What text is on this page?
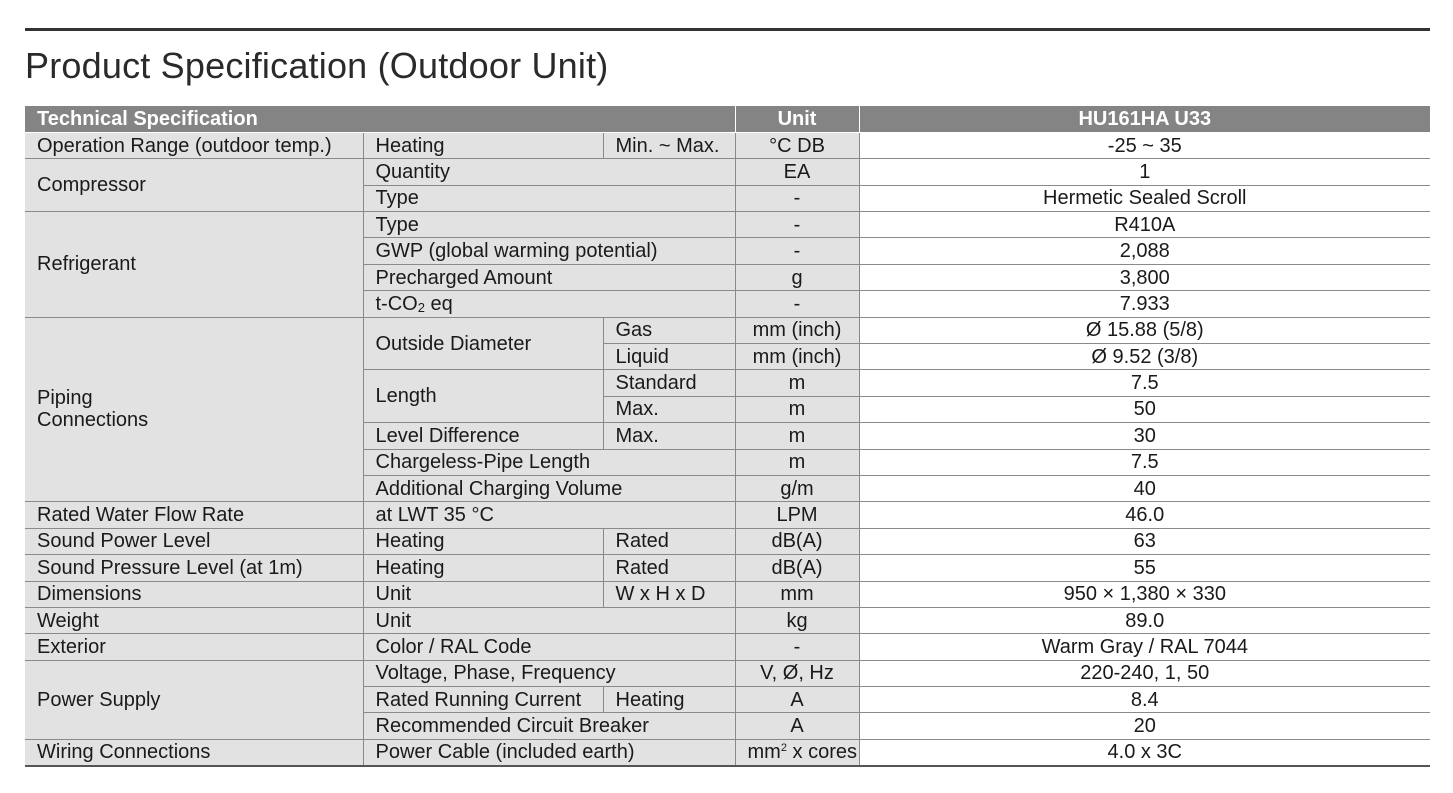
Product Specification (Outdoor Unit)
Technical Specification			Unit	HU161HA U33
Operation Range (outdoor temp.)	Heating	Min. ~ Max.	°C DB	-25 ~ 35
Compressor	Quantity		EA	1
	Type		-	Hermetic Sealed Scroll
Refrigerant	Type		-	R410A
	GWP (global warming potential)		-	2,088
	Precharged Amount		g	3,800
	$t-CO_2$ eq		-	7.933

Piping
Connections	Outside Diameter	Gas	mm (inch)	Ø 15.88 (5/8)
		Liquid	mm (inch)	Ø 9.52 (3/8)
	Length	Standard	m	7.5
		Max.	m	50
	Level Difference	Max.	m	30
	Chargeless-Pipe Length		m	7.5
	Additional Charging Volume		g/m	40
Rated Water Flow Rate	at LWT 35 °C		LPM	46.0
Sound Power Level	Heating	Rated	dB(A)	63
Sound Pressure Level (at 1m)	Heating	Rated	dB(A)	55
Dimensions	Unit	W x H x D	mm	950 × 1,380 × 330
Weight	Unit		kg	89.0
Exterior	Color / RAL Code		-	Warm Gray / RAL 7044
Power Supply	Voltage, Phase, Frequency		V, Ø, Hz	220-240, 1, 50
	Rated Running Current	Heating	A	8.4
	Recommended Circuit Breaker		A	20
Wiring Connections	Power Cable (included earth)		$mm^2$ x cores	4.0 x 3C
